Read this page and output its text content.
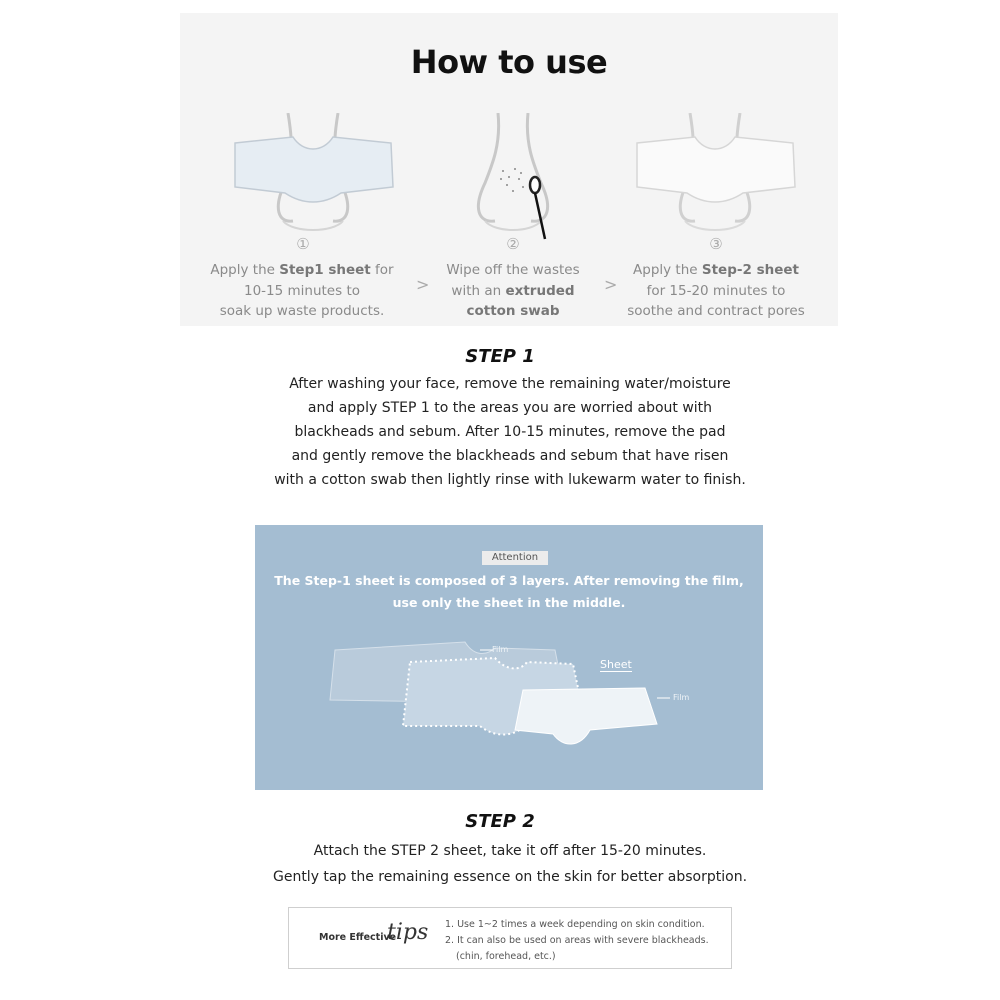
How to use
①
Apply the Step1 sheet for
10-15 minutes to
soak up waste products.
>
②
Wipe off the wastes
with an extruded
cotton swab
>
③
Apply the Step-2 sheet
for 15-20 minutes to
soothe and contract pores
STEP 1
After washing your face, remove the remaining water/moisture
and apply STEP 1 to the areas you are worried about with
blackheads and sebum. After 10-15 minutes, remove the pad
and gently remove the blackheads and sebum that have risen
with a cotton swab then lightly rinse with lukewarm water to finish.
Attention
The Step-1 sheet is composed of 3 layers. After removing the film,
use only the sheet in the middle.
Film
Sheet
Film
STEP 2
Attach the STEP 2 sheet, take it off after 15-20 minutes.
Gently tap the remaining essence on the skin for better absorption.
More Effective
tips 1. Use 1~2 times a week depending on skin condition.
2. It can also be used on areas with severe blackheads.
(chin, forehead, etc.)
